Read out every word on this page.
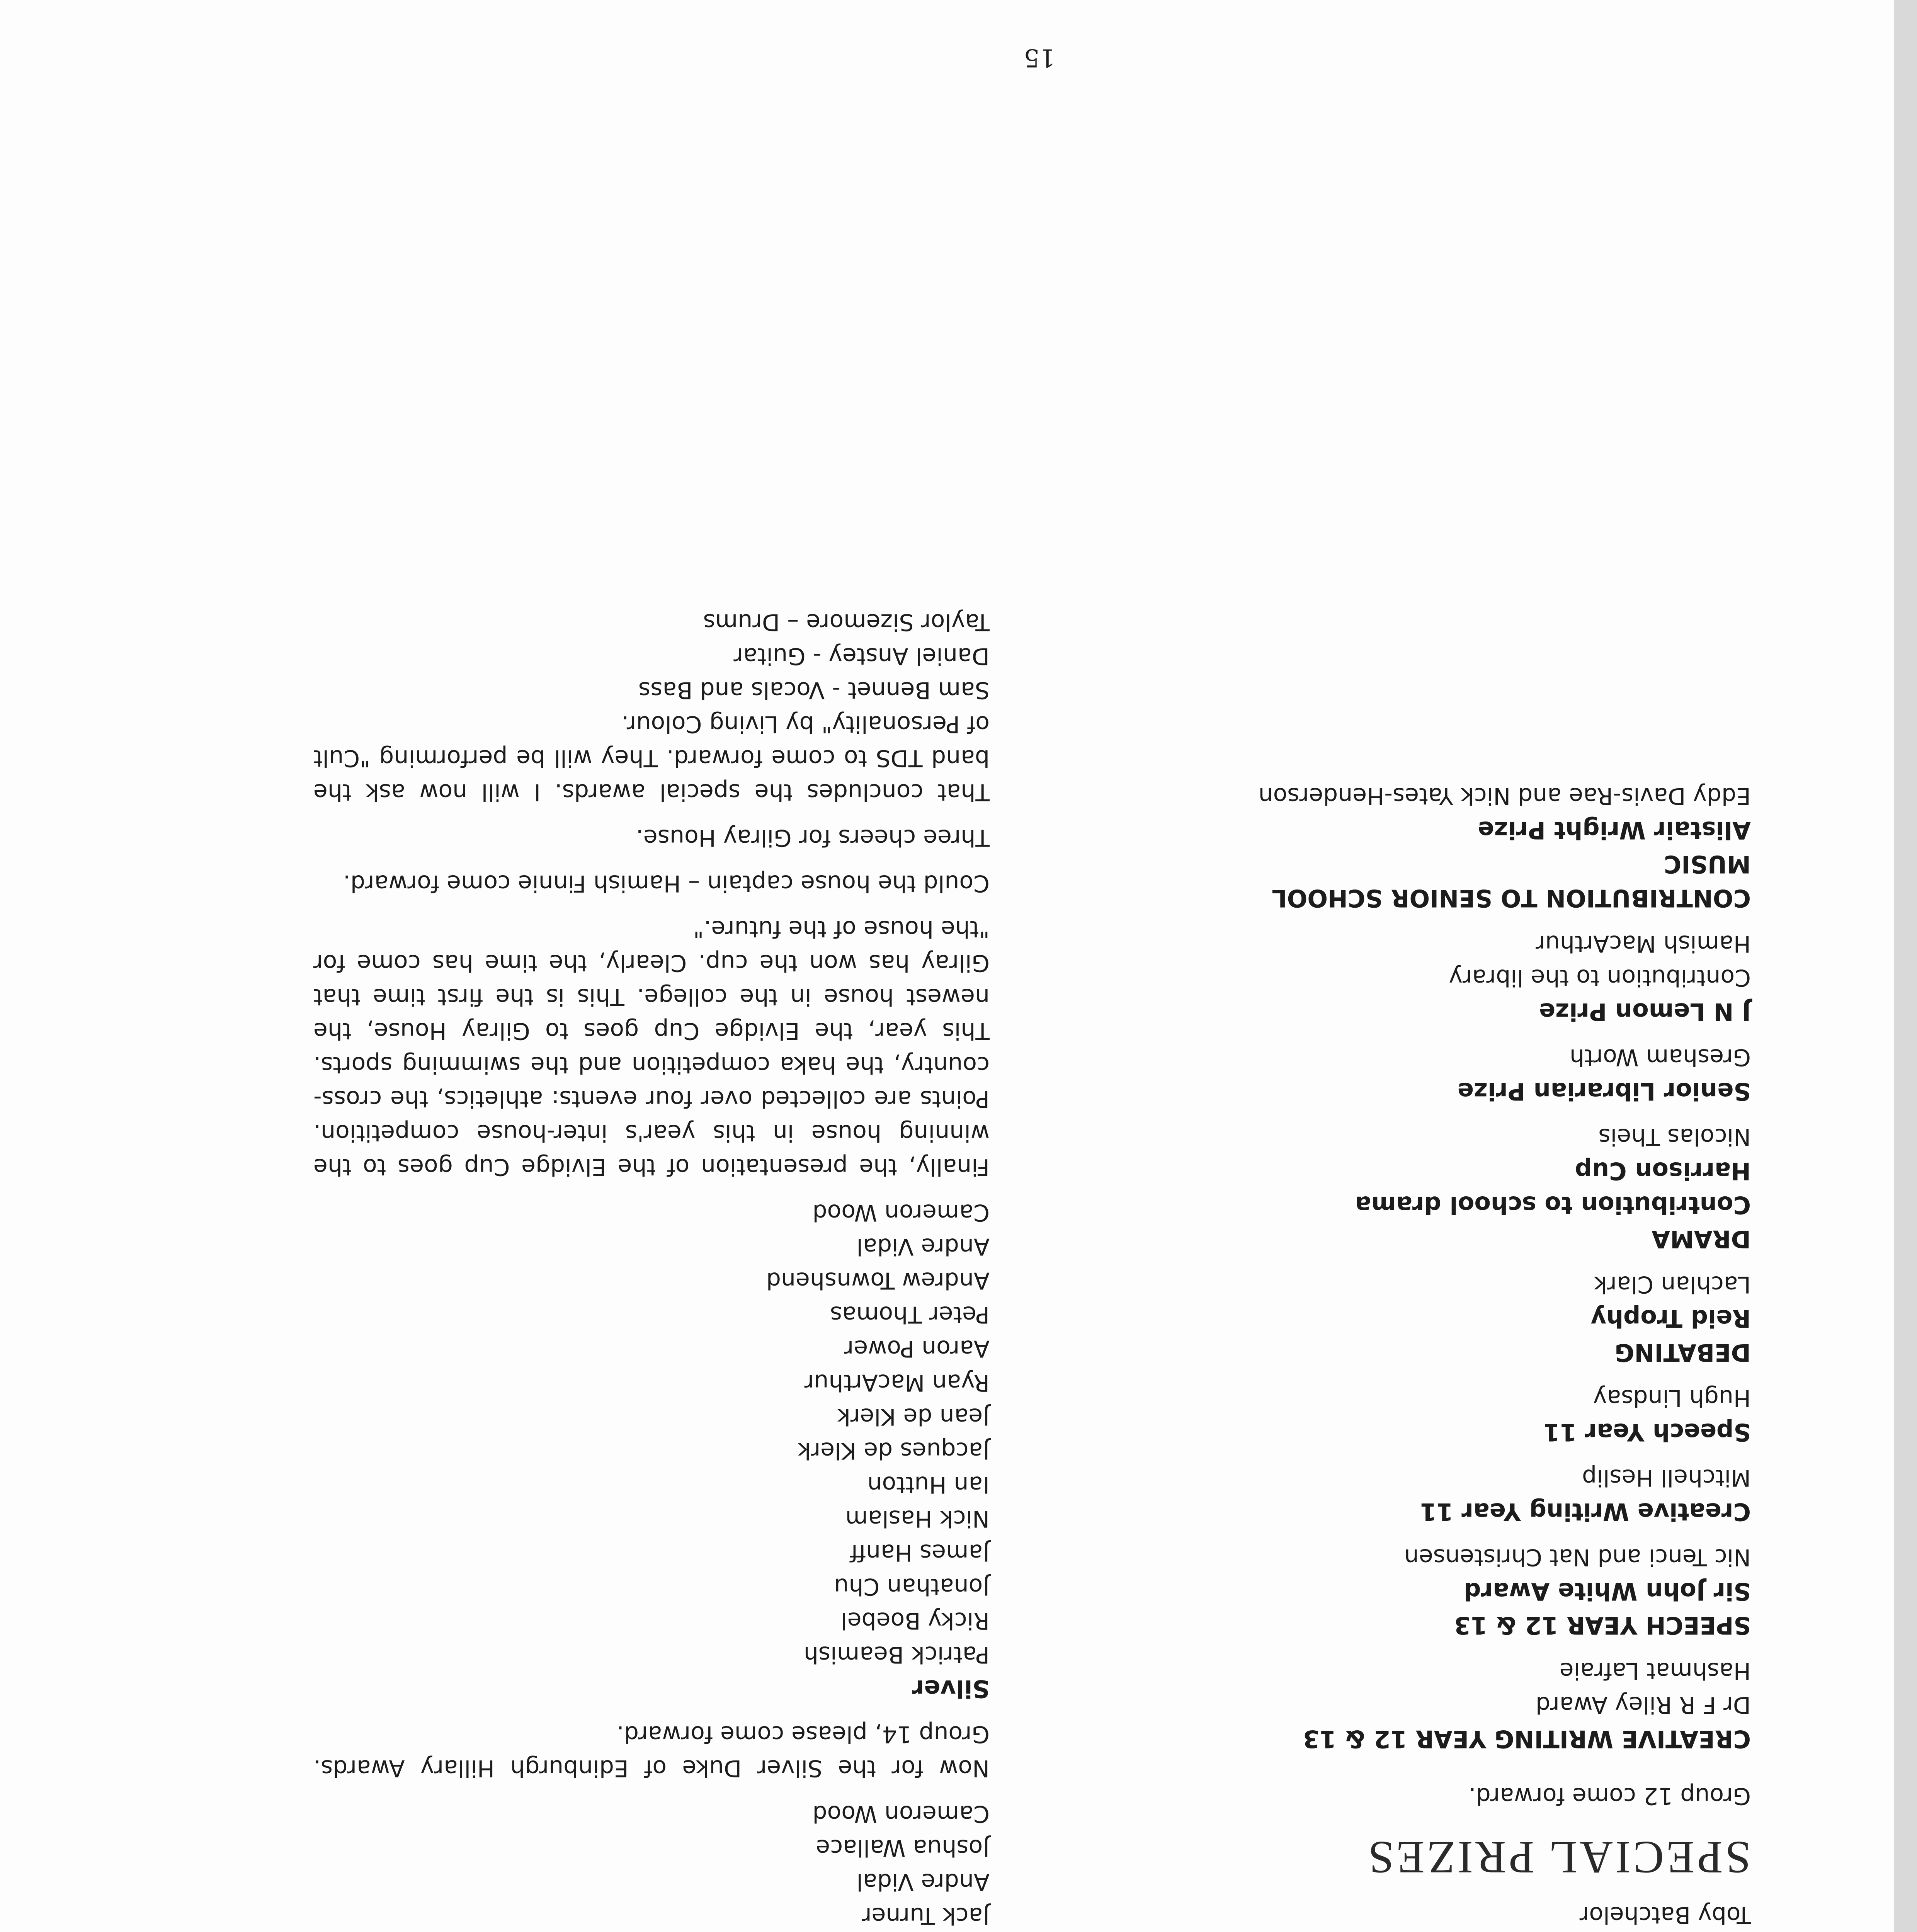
Toby Batchelor

SPECIAL PRIZES

Group 12 come forward.

CREATIVE WRITING YEAR 12 & 13

Dr F R Riley Award

Hashmat Lafraie

SPEECH YEAR 12 & 13

Sir John White Award

Nic Tenci and Nat Christensen

Creative Writing Year 11

Mitchell Heslip

Speech Year 11

Hugh Lindsay

DEBATING

Reid Trophy

Lachlan Clark

DRAMA

Contribution to school drama

Harrison Cup

Nicolas Theis

Senior Librarian Prize

Gresham Worth

J N Lemon Prize

Contribution to the library

Hamish MacArthur

CONTRIBUTION TO SENIOR SCHOOL

MUSIC

Alistair Wright Prize

Eddy Davis-Rae and Nick Yates-Henderson

Jack Turner

Andre Vidal

Joshua Wallace

Cameron Wood

Now for the Silver Duke of Edinburgh Hillary Awards. Group 14, please come forward.

Silver

Patrick Beamish

Ricky Boebel

Jonathan Chu

James Hanff

Nick Haslam

Ian Hutton

Jacques de Klerk

Jean de Klerk

Ryan MacArthur

Aaron Power

Peter Thomas

Andrew Townshend

Andre Vidal

Cameron Wood

Finally, the presentation of the Elvidge Cup goes to the winning house in this year's inter-house competition. Points are collected over four events: athletics, the cross-country, the haka competition and the swimming sports. This year, the Elvidge Cup goes to Gilray House, the newest house in the college. This is the first time that Gilray has won the cup. Clearly, the time has come for "the house of the future."

Could the house captain – Hamish Finnie come forward.

Three cheers for Gilray House.

That concludes the special awards. I will now ask the band TDS to come forward. They will be performing "Cult of Personality" by Living Colour.

Sam Bennet - Vocals and Bass

Daniel Anstey - Guitar

Taylor Sizemore – Drums

15
